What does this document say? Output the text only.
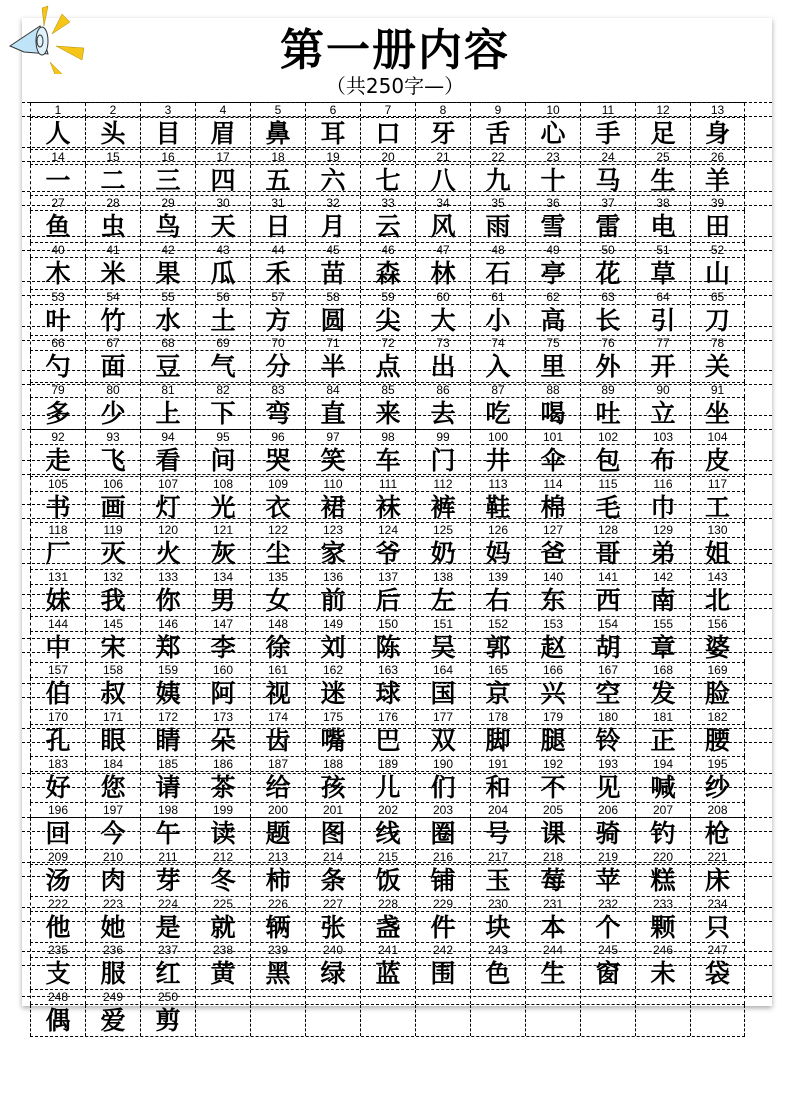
第一册内容
（共250字—）
1	2	3	4	5	6	7	8	9	10	11	12	13
人	头	目	眉	鼻	耳	口	牙	舌	心	手	足	身
14	15	16	17	18	19	20	21	22	23	24	25	26
一	二	三	四	五	六	七	八	九	十	马	生	羊
27	28	29	30	31	32	33	34	35	36	37	38	39
鱼	虫	鸟	天	日	月	云	风	雨	雪	雷	电	田
40	41	42	43	44	45	46	47	48	49	50	51	52
木	米	果	瓜	禾	苗	森	林	石	亭	花	草	山
53	54	55	56	57	58	59	60	61	62	63	64	65
叶	竹	水	土	方	圆	尖	大	小	高	长	引	刀
66	67	68	69	70	71	72	73	74	75	76	77	78
勺	面	豆	气	分	半	点	出	入	里	外	开	关
79	80	81	82	83	84	85	86	87	88	89	90	91
多	少	上	下	弯	直	来	去	吃	喝	吐	立	坐
92	93	94	95	96	97	98	99	100	101	102	103	104
走	飞	看	问	哭	笑	车	门	井	伞	包	布	皮
105	106	107	108	109	110	111	112	113	114	115	116	117
书	画	灯	光	衣	裙	袜	裤	鞋	棉	毛	巾	工
118	119	120	121	122	123	124	125	126	127	128	129	130
厂	灭	火	灰	尘	家	爷	奶	妈	爸	哥	弟	姐
131	132	133	134	135	136	137	138	139	140	141	142	143
妹	我	你	男	女	前	后	左	右	东	西	南	北
144	145	146	147	148	149	150	151	152	153	154	155	156
中	宋	郑	李	徐	刘	陈	吴	郭	赵	胡	章	婆
157	158	159	160	161	162	163	164	165	166	167	168	169
伯	叔	姨	阿	视	迷	球	国	京	兴	空	发	脸
170	171	172	173	174	175	176	177	178	179	180	181	182
孔	眼	睛	朵	齿	嘴	巴	双	脚	腿	铃	正	腰
183	184	185	186	187	188	189	190	191	192	193	194	195
好	您	请	茶	给	孩	儿	们	和	不	见	喊	纱
196	197	198	199	200	201	202	203	204	205	206	207	208
回	今	午	读	题	图	线	圈	号	课	骑	钓	枪
209	210	211	212	213	214	215	216	217	218	219	220	221
汤	肉	芽	冬	柿	条	饭	铺	玉	莓	苹	糕	床
222	223	224	225	226	227	228	229	230	231	232	233	234
他	她	是	就	辆	张	盏	件	块	本	个	颗	只
235	236	237	238	239	240	241	242	243	244	245	246	247
支	服	红	黄	黑	绿	蓝	围	色	生	窗	未	袋
248	249	250
偶	爱	剪
